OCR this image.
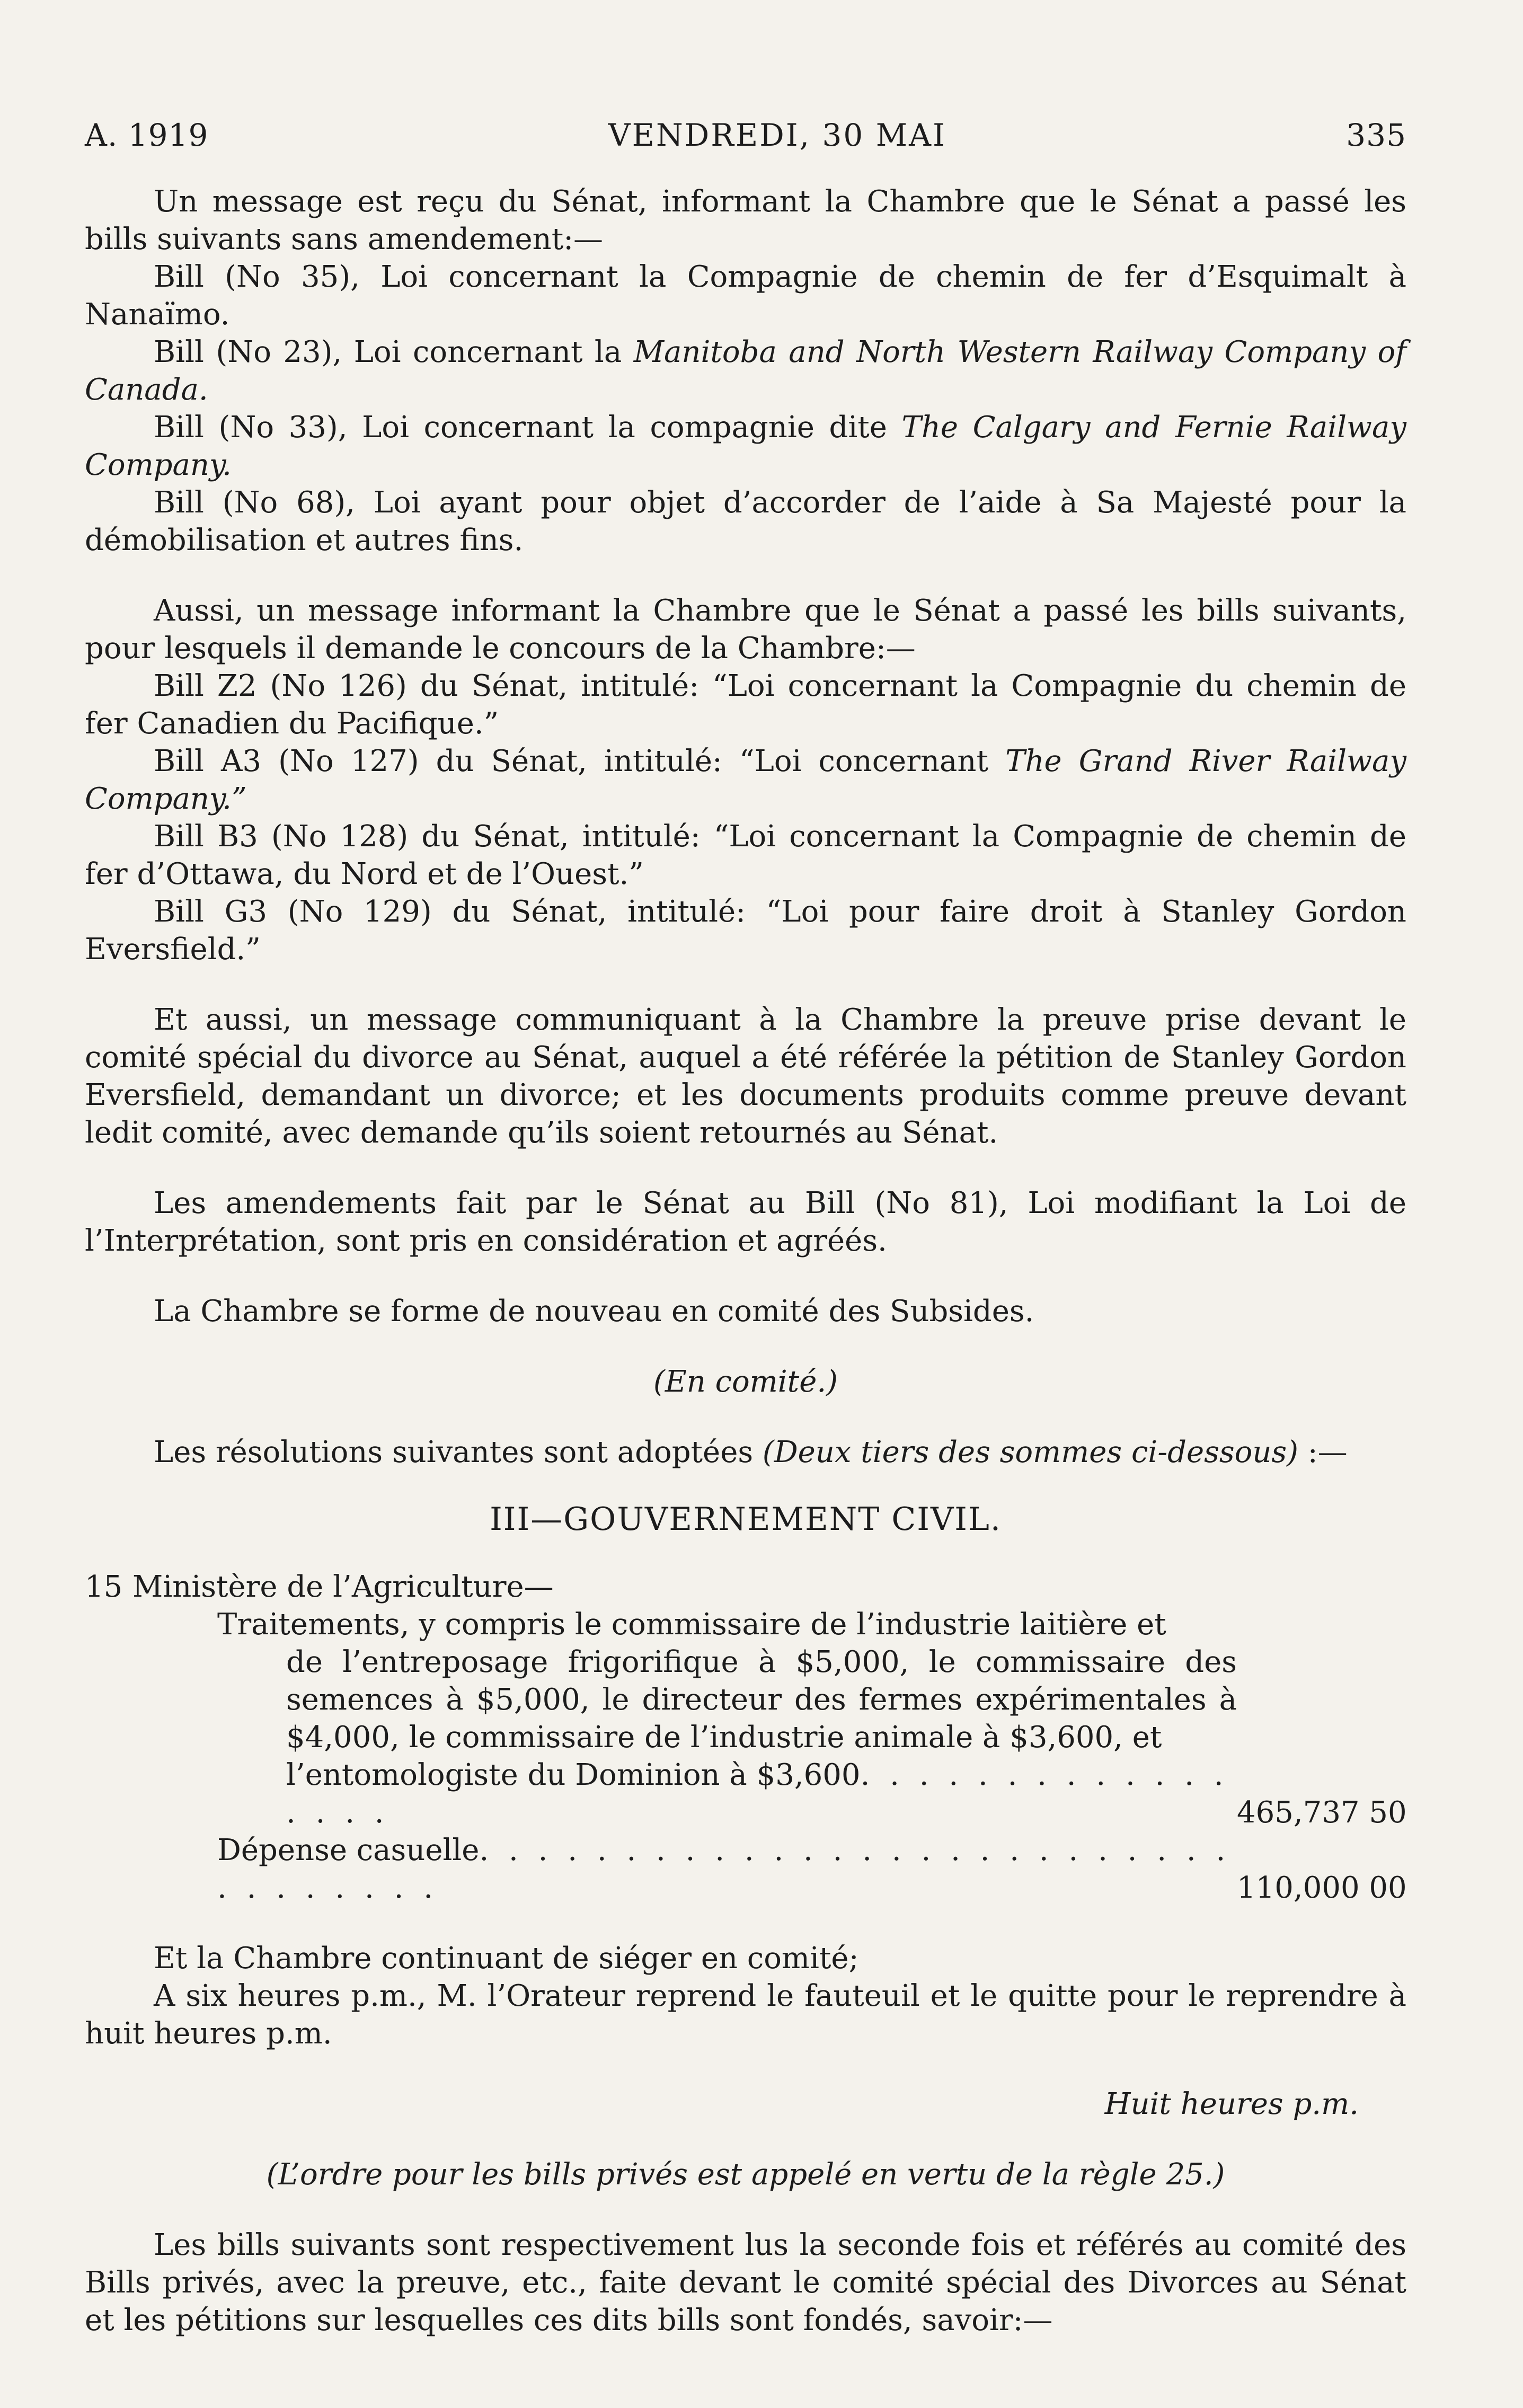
A. 1919	VENDREDI, 30 MAI	335

Un message est reçu du Sénat, informant la Chambre que le Sénat a passé les bills suivants sans amendement:—

Bill (No 35), Loi concernant la Compagnie de chemin de fer d’Esquimalt à Nanaïmo.

Bill (No 23), Loi concernant la Manitoba and North Western Railway Company of Canada.

Bill (No 33), Loi concernant la compagnie dite The Calgary and Fernie Railway Company.

Bill (No 68), Loi ayant pour objet d’accorder de l’aide à Sa Majesté pour la démobilisation et autres fins.

Aussi, un message informant la Chambre que le Sénat a passé les bills suivants, pour lesquels il demande le concours de la Chambre:—

Bill Z2 (No 126) du Sénat, intitulé: “Loi concernant la Compagnie du chemin de fer Canadien du Pacifique.”

Bill A3 (No 127) du Sénat, intitulé: “Loi concernant The Grand River Railway Company.”

Bill B3 (No 128) du Sénat, intitulé: “Loi concernant la Compagnie de chemin de fer d’Ottawa, du Nord et de l’Ouest.”

Bill G3 (No 129) du Sénat, intitulé: “Loi pour faire droit à Stanley Gordon Eversfield.”

Et aussi, un message communiquant à la Chambre la preuve prise devant le comité spécial du divorce au Sénat, auquel a été référée la pétition de Stanley Gordon Eversfield, demandant un divorce; et les documents produits comme preuve devant ledit comité, avec demande qu’ils soient retournés au Sénat.

Les amendements fait par le Sénat au Bill (No 81), Loi modifiant la Loi de l’Interprétation, sont pris en considération et agréés.

La Chambre se forme de nouveau en comité des Subsides.

(En comité.)

Les résolutions suivantes sont adoptées (Deux tiers des sommes ci-dessous) :—

III—GOUVERNEMENT CIVIL.
15 Ministère de l’Agriculture—

Traitements, y compris le commissaire de l’industrie laitière et

de l’entreposage frigorifique à $5,000, le commissaire des semences à $5,000, le directeur des fermes expérimentales à $4,000, le commissaire de l’industrie animale à $3,600, et

l’entomologiste du Dominion à $3,600. . . . . . . . . . . . . . . . .	465,737 50
Dépense casuelle. . . . . . . . . . . . . . . . . . . . . . . . . . . . . . . . . .	110,000 00

Et la Chambre continuant de siéger en comité;

A six heures p.m., M. l’Orateur reprend le fauteuil et le quitte pour le reprendre à huit heures p.m.

Huit heures p.m.

(L’ordre pour les bills privés est appelé en vertu de la règle 25.)

Les bills suivants sont respectivement lus la seconde fois et référés au comité des Bills privés, avec la preuve, etc., faite devant le comité spécial des Divorces au Sénat et les pétitions sur lesquelles ces dits bills sont fondés, savoir:—
